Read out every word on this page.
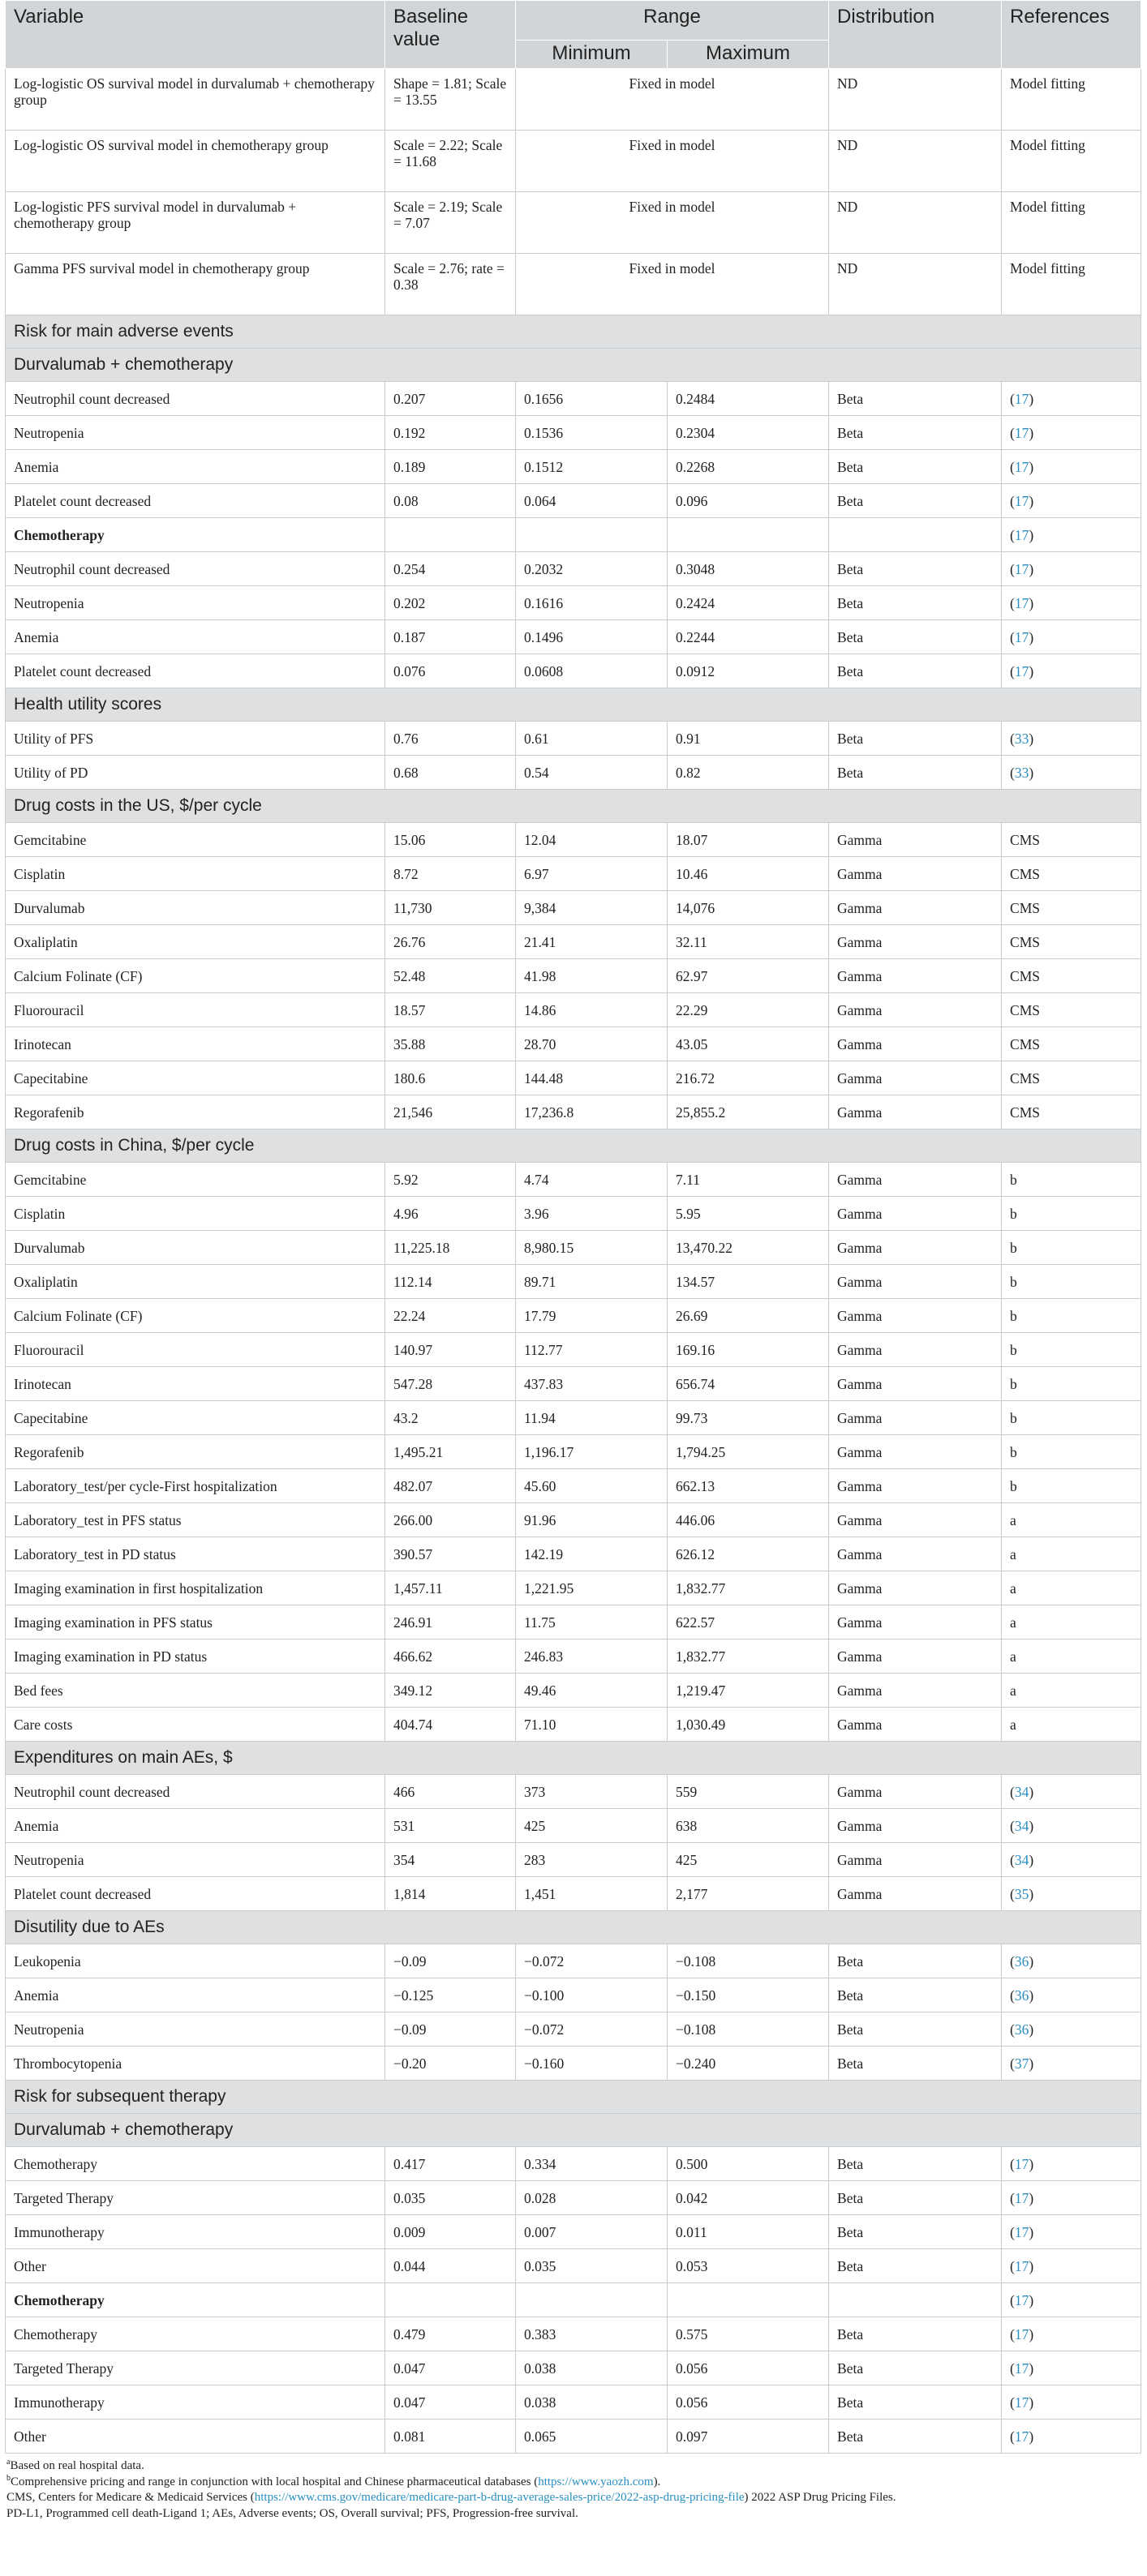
Variable	Baseline value	Range		Distribution	References
		Minimum	Maximum		
Log-logistic OS survival model in durvalumab + chemotherapy group	Shape = 1.81; Scale = 13.55	Fixed in model		ND	Model fitting
Log-logistic OS survival model in chemotherapy group	Scale = 2.22; Scale = 11.68	Fixed in model		ND	Model fitting
Log-logistic PFS survival model in durvalumab + chemotherapy group	Scale = 2.19; Scale = 7.07	Fixed in model		ND	Model fitting
Gamma PFS survival model in chemotherapy group	Scale = 2.76; rate = 0.38	Fixed in model		ND	Model fitting
Risk for main adverse events					
Durvalumab + chemotherapy					
Neutrophil count decreased	0.207	0.1656	0.2484	Beta	(17)
Neutropenia	0.192	0.1536	0.2304	Beta	(17)
Anemia	0.189	0.1512	0.2268	Beta	(17)
Platelet count decreased	0.08	0.064	0.096	Beta	(17)
Chemotherapy					(17)
Neutrophil count decreased	0.254	0.2032	0.3048	Beta	(17)
Neutropenia	0.202	0.1616	0.2424	Beta	(17)
Anemia	0.187	0.1496	0.2244	Beta	(17)
Platelet count decreased	0.076	0.0608	0.0912	Beta	(17)
Health utility scores					
Utility of PFS	0.76	0.61	0.91	Beta	(33)
Utility of PD	0.68	0.54	0.82	Beta	(33)
Drug costs in the US, $/per cycle					
Gemcitabine	15.06	12.04	18.07	Gamma	CMS
Cisplatin	8.72	6.97	10.46	Gamma	CMS
Durvalumab	11,730	9,384	14,076	Gamma	CMS
Oxaliplatin	26.76	21.41	32.11	Gamma	CMS
Calcium Folinate (CF)	52.48	41.98	62.97	Gamma	CMS
Fluorouracil	18.57	14.86	22.29	Gamma	CMS
Irinotecan	35.88	28.70	43.05	Gamma	CMS
Capecitabine	180.6	144.48	216.72	Gamma	CMS
Regorafenib	21,546	17,236.8	25,855.2	Gamma	CMS
Drug costs in China, $/per cycle					
Gemcitabine	5.92	4.74	7.11	Gamma	b
Cisplatin	4.96	3.96	5.95	Gamma	b
Durvalumab	11,225.18	8,980.15	13,470.22	Gamma	b
Oxaliplatin	112.14	89.71	134.57	Gamma	b
Calcium Folinate (CF)	22.24	17.79	26.69	Gamma	b
Fluorouracil	140.97	112.77	169.16	Gamma	b
Irinotecan	547.28	437.83	656.74	Gamma	b
Capecitabine	43.2	11.94	99.73	Gamma	b
Regorafenib	1,495.21	1,196.17	1,794.25	Gamma	b
Laboratory_test/per cycle-First hospitalization	482.07	45.60	662.13	Gamma	b
Laboratory_test in PFS status	266.00	91.96	446.06	Gamma	a
Laboratory_test in PD status	390.57	142.19	626.12	Gamma	a
Imaging examination in first hospitalization	1,457.11	1,221.95	1,832.77	Gamma	a
Imaging examination in PFS status	246.91	11.75	622.57	Gamma	a
Imaging examination in PD status	466.62	246.83	1,832.77	Gamma	a
Bed fees	349.12	49.46	1,219.47	Gamma	a
Care costs	404.74	71.10	1,030.49	Gamma	a
Expenditures on main AEs, $					
Neutrophil count decreased	466	373	559	Gamma	(34)
Anemia	531	425	638	Gamma	(34)
Neutropenia	354	283	425	Gamma	(34)
Platelet count decreased	1,814	1,451	2,177	Gamma	(35)
Disutility due to AEs					
Leukopenia	−0.09	−0.072	−0.108	Beta	(36)
Anemia	−0.125	−0.100	−0.150	Beta	(36)
Neutropenia	−0.09	−0.072	−0.108	Beta	(36)
Thrombocytopenia	−0.20	−0.160	−0.240	Beta	(37)
Risk for subsequent therapy					
Durvalumab + chemotherapy					
Chemotherapy	0.417	0.334	0.500	Beta	(17)
Targeted Therapy	0.035	0.028	0.042	Beta	(17)
Immunotherapy	0.009	0.007	0.011	Beta	(17)
Other	0.044	0.035	0.053	Beta	(17)
Chemotherapy					(17)
Chemotherapy	0.479	0.383	0.575	Beta	(17)
Targeted Therapy	0.047	0.038	0.056	Beta	(17)
Immunotherapy	0.047	0.038	0.056	Beta	(17)
Other	0.081	0.065	0.097	Beta	(17)
$^a$Based on real hospital data.
$^b$Comprehensive pricing and range in conjunction with local hospital and Chinese pharmaceutical databases (https://www.yaozh.com).
CMS, Centers for Medicare & Medicaid Services (https://www.cms.gov/medicare/medicare-part-b-drug-average-sales-price/2022-asp-drug-pricing-file) 2022 ASP Drug Pricing Files.
PD-L1, Programmed cell death-Ligand 1; AEs, Adverse events; OS, Overall survival; PFS, Progression-free survival.
